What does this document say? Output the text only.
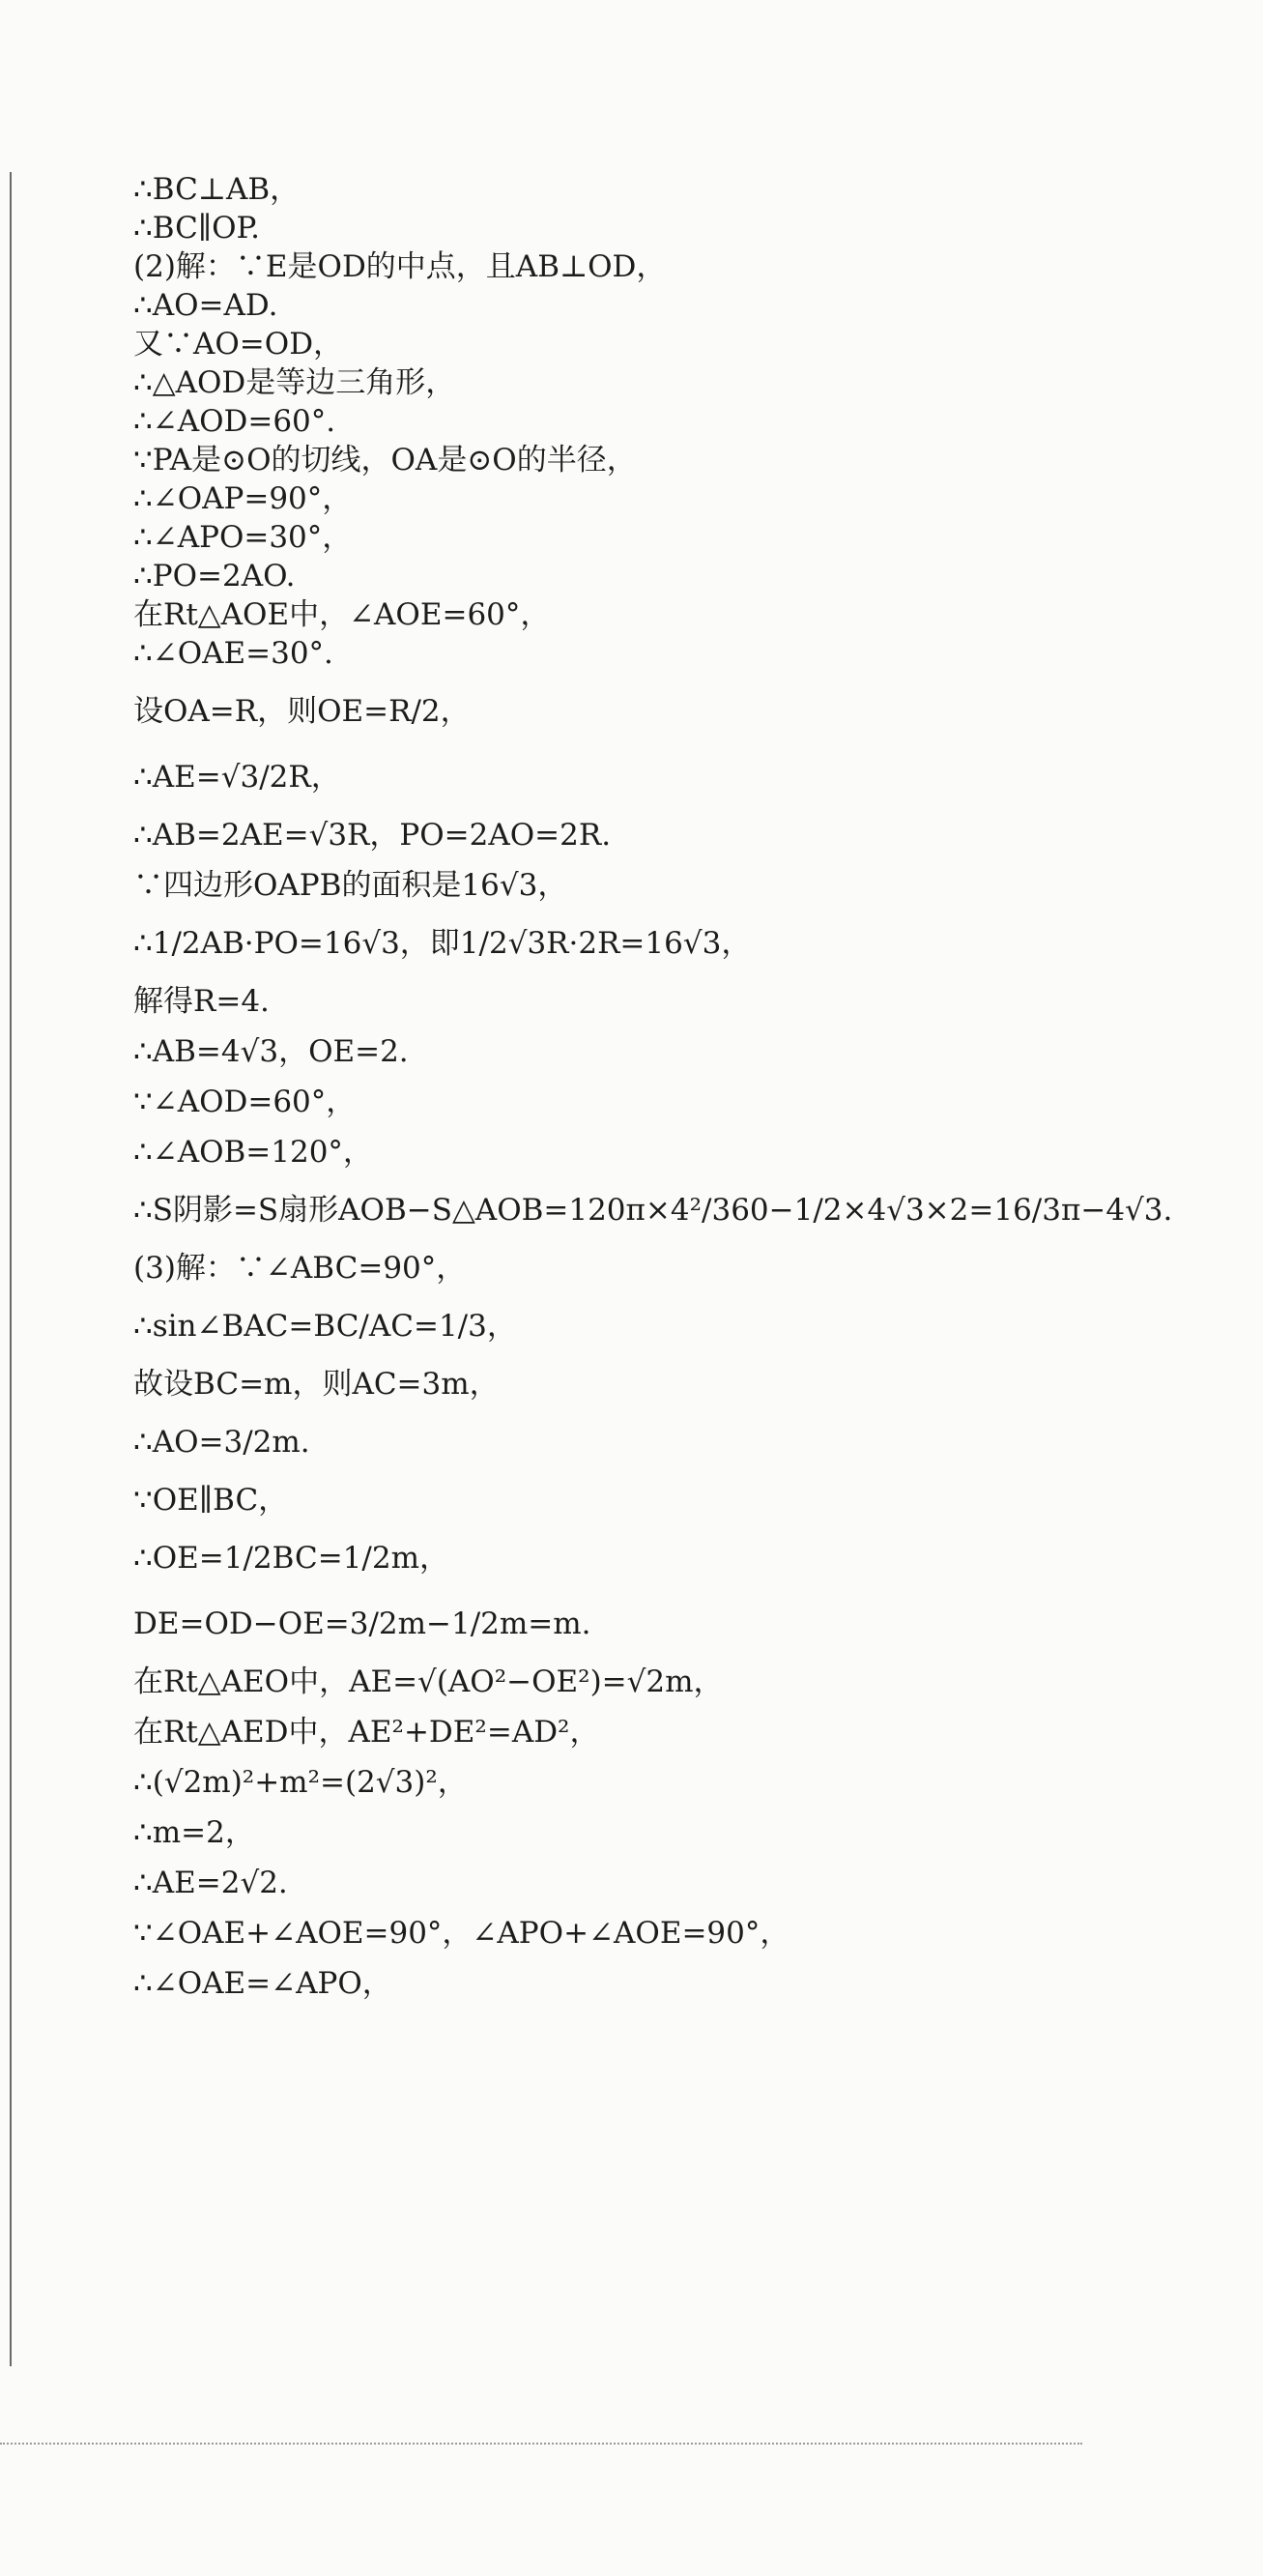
∴BC⊥AB，
∴BC∥OP.
(2)解：∵E是OD的中点，且AB⊥OD，
∴AO=AD.
又∵AO=OD，
∴△AOD是等边三角形，
∴∠AOD=60°.
∵PA是⊙O的切线，OA是⊙O的半径，
∴∠OAP=90°，
∴∠APO=30°，
∴PO=2AO.
在Rt△AOE中，∠AOE=60°，
∴∠OAE=30°.
设OA=R，则OE=R/2，
∴AE=√3/2R，
∴AB=2AE=√3R，PO=2AO=2R.
∵四边形OAPB的面积是16√3，
∴1/2AB·PO=16√3，即1/2√3R·2R=16√3，
解得R=4.
∴AB=4√3，OE=2.
∵∠AOD=60°，
∴∠AOB=120°，
∴S阴影=S扇形AOB−S△AOB=120π×4²/360−1/2×4√3×2=16/3π−4√3.
(3)解：∵∠ABC=90°，
∴sin∠BAC=BC/AC=1/3，
故设BC=m，则AC=3m，
∴AO=3/2m.
∵OE∥BC，
∴OE=1/2BC=1/2m，
DE=OD−OE=3/2m−1/2m=m.
在Rt△AEO中，AE=√(AO²−OE²)=√2m，
在Rt△AED中，AE²+DE²=AD²，
∴(√2m)²+m²=(2√3)²，
∴m=2，
∴AE=2√2.
∵∠OAE+∠AOE=90°，∠APO+∠AOE=90°，
∴∠OAE=∠APO，
